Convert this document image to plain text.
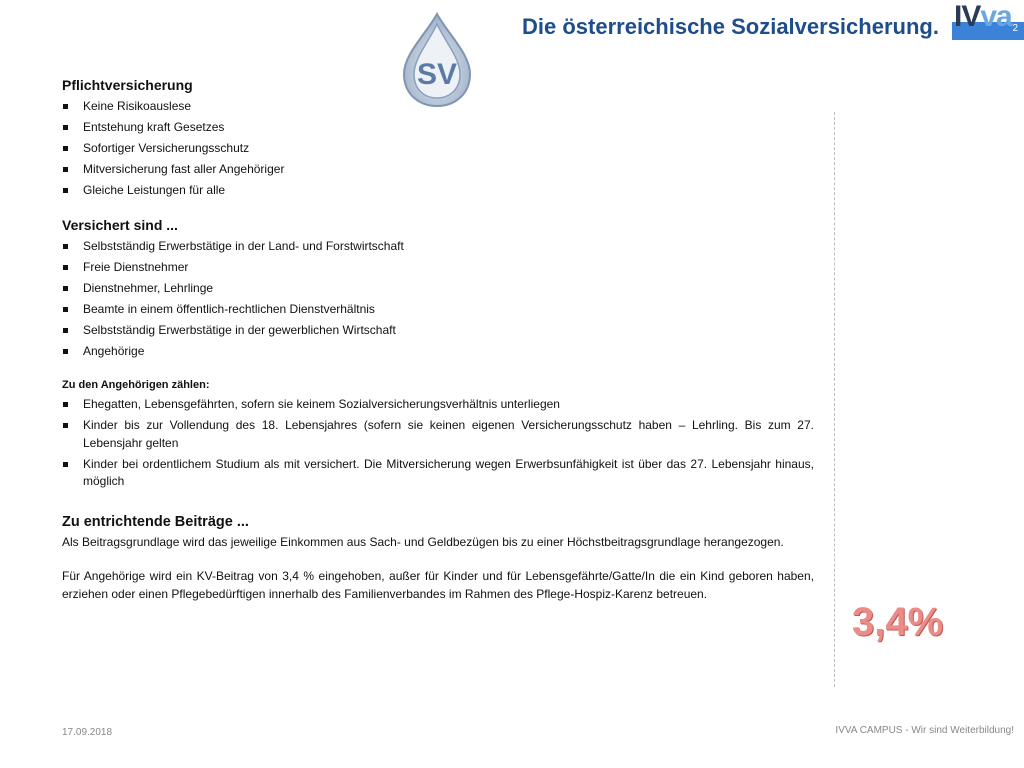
SV
Die österreichische Sozialversicherung. IVva 2
Pflichtversicherung
Keine Risikoauslese
Entstehung kraft Gesetzes
Sofortiger Versicherungsschutz
Mitversicherung fast aller Angehöriger
Gleiche Leistungen für alle
Versichert sind ...
Selbstständig Erwerbstätige in der Land- und Forstwirtschaft
Freie Dienstnehmer
Dienstnehmer, Lehrlinge
Beamte in einem öffentlich-rechtlichen Dienstverhältnis
Selbstständig Erwerbstätige in der gewerblichen Wirtschaft
Angehörige
Zu den Angehörigen zählen:
Ehegatten, Lebensgefährten, sofern sie keinem Sozialversicherungsverhältnis unterliegen
Kinder bis zur Vollendung des 18. Lebensjahres (sofern sie keinen eigenen Versicherungsschutz haben – Lehrling. Bis zum 27. Lebensjahr gelten
Kinder bei ordentlichem Studium als mit versichert. Die Mitversicherung wegen Erwerbsunfähigkeit ist über das 27. Lebensjahr hinaus, möglich
Zu entrichtende Beiträge ...

Als Beitragsgrundlage wird das jeweilige Einkommen aus Sach- und Geldbezügen bis zu einer Höchstbeitragsgrundlage herangezogen.

Für Angehörige wird ein KV-Beitrag von 3,4 % eingehoben, außer für Kinder und für Lebensgefährte/Gatte/In die ein Kind geboren haben, erziehen oder einen Pflegebedürftigen innerhalb des Familienverbandes im Rahmen des Pflege-Hospiz-Karenz betreuen.

3,4%
17.09.2018	IVVA CAMPUS - Wir sind Weiterbildung!
